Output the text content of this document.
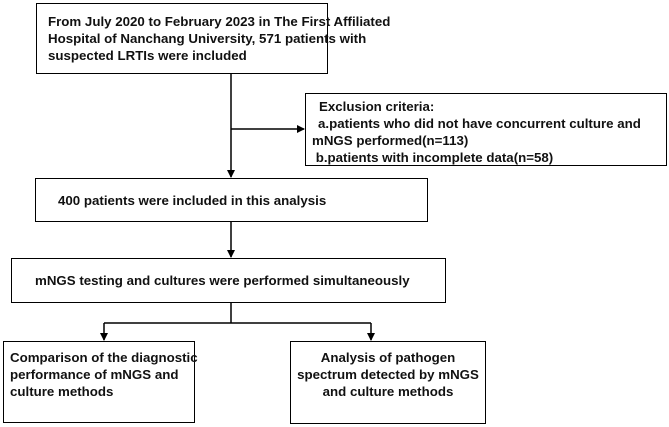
From July 2020 to February 2023 in The First Affiliated
Hospital of Nanchang University, 571 patients with
suspected LRTIs were included
Exclusion criteria:
a.patients who did not have concurrent culture and
mNGS performed(n=113)
b.patients with incomplete data(n=58)
400 patients were included in this analysis
mNGS testing and cultures were performed simultaneously
Comparison of the diagnostic
performance of mNGS and
culture methods
Analysis of pathogen
spectrum detected by mNGS
and culture methods
